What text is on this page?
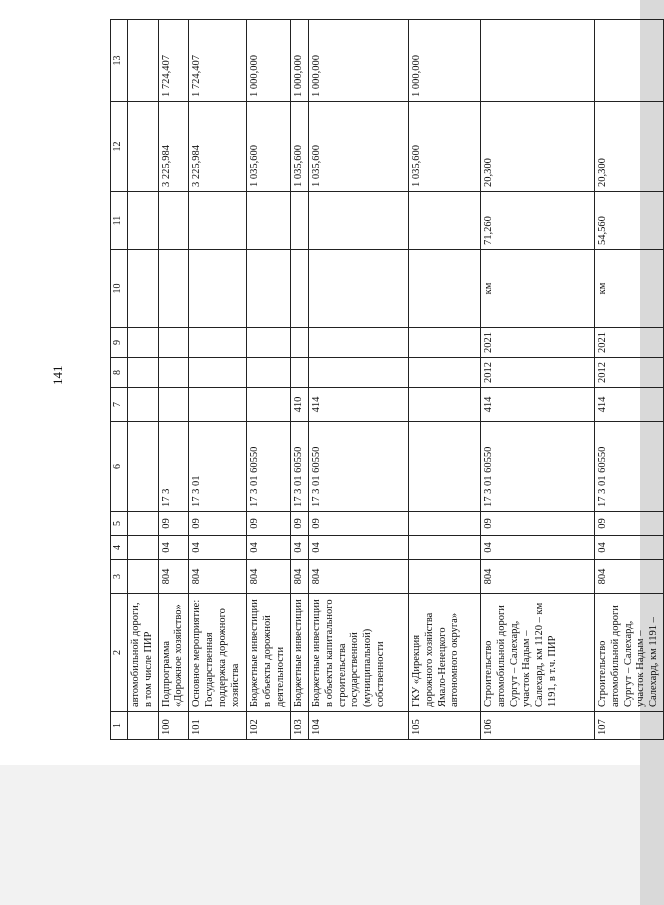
141
1	2	3	4	5	6	7	8	9	10	11	12	13
	автомобильной дороги, в том числе ПИР											
100	Подпрограмма «Дорожное хозяйство»	804	04	09	17 3						3 225,984	1 724,407
101	Основное мероприятие: Государственная поддержка дорожного хозяйства	804	04	09	17 3 01						3 225,984	1 724,407
102	Бюджетные инвестиции в объекты дорожной деятельности	804	04	09	17 3 01 60550						1 035,600	1 000,000
103	Бюджетные инвестиции	804	04	09	17 3 01 60550	410					1 035,600	1 000,000
104	Бюджетные инвестиции в объекты капитального строительства государственной (муниципальной) собственности	804	04	09	17 3 01 60550	414					1 035,600	1 000,000
105	ГКУ «Дирекция дорожного хозяйства Ямало-Ненецкого автономного округа»										1 035,600	1 000,000
106	Строительство автомобильной дороги Сургут – Салехард, участок Надым – Салехард, км 1120 – км 1191, в т.ч. ПИР	804	04	09	17 3 01 60550	414	2012	2021	км	71,260	20,300	
107	Строительство автомобильной дороги Сургут – Салехард, участок Надым – Салехард, км 1191 –	804	04	09	17 3 01 60550	414	2012	2021	км	54,560	20,300	
